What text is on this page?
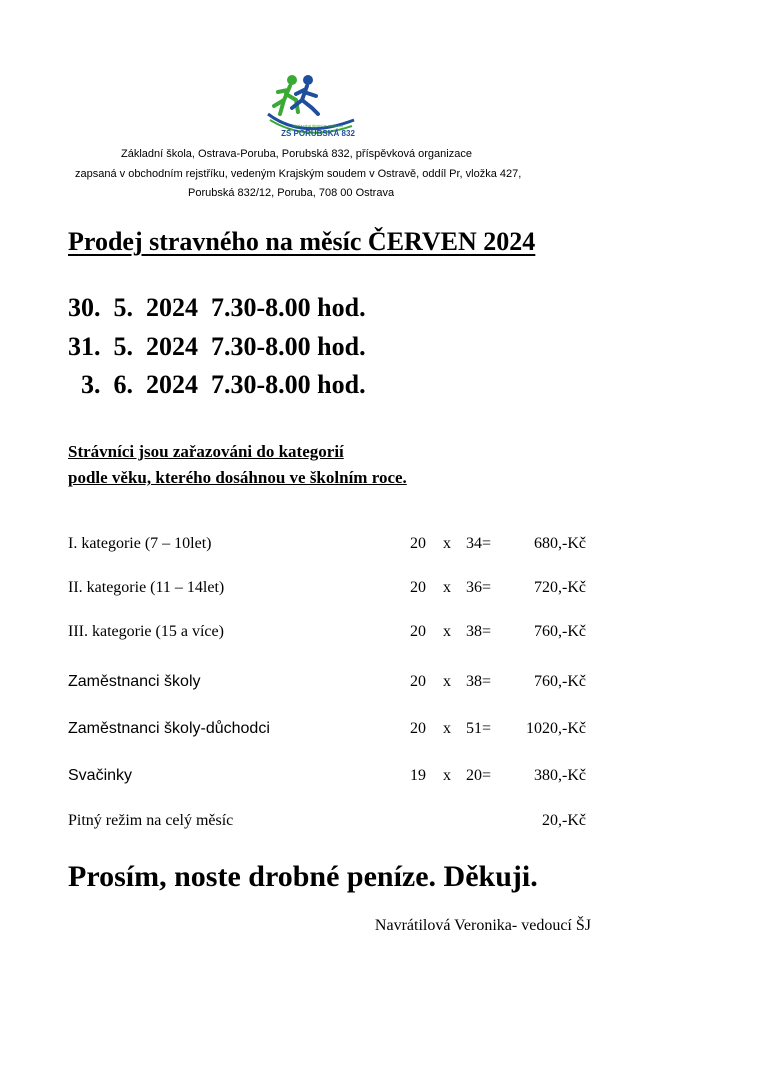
škola plná školní je zábavou
ZŠ PORUBSKÁ 832
Základní škola, Ostrava-Poruba, Porubská 832, příspěvková organizace
zapsaná v obchodním rejstříku, vedeným Krajským soudem v Ostravě, oddíl Pr, vložka 427,
Porubská 832/12, Poruba, 708 00 Ostrava
Prodej stravného na měsíc ČERVEN 2024
30.  5.  2024  7.30-8.00 hod.
31.  5.  2024  7.30-8.00 hod.
3.  6.  2024  7.30-8.00 hod.
Strávníci jsou zařazováni do kategorií
podle věku, kterého dosáhnou ve školním roce.
I. kategorie (7 – 10let)	20 x 34=	680,-Kč
II. kategorie (11 – 14let)	20 x 36=	720,-Kč
III. kategorie (15 a více)	20 x 38=	760,-Kč
Zaměstnanci školy	20 x 38=	760,-Kč
Zaměstnanci školy-důchodci	20 x 51= 1020,-Kč
Svačinky	19 x 20=	380,-Kč
Pitný režim na celý měsíc	20,-Kč
Prosím, noste drobné peníze. Děkuji.
Navrátilová Veronika- vedoucí ŠJ
